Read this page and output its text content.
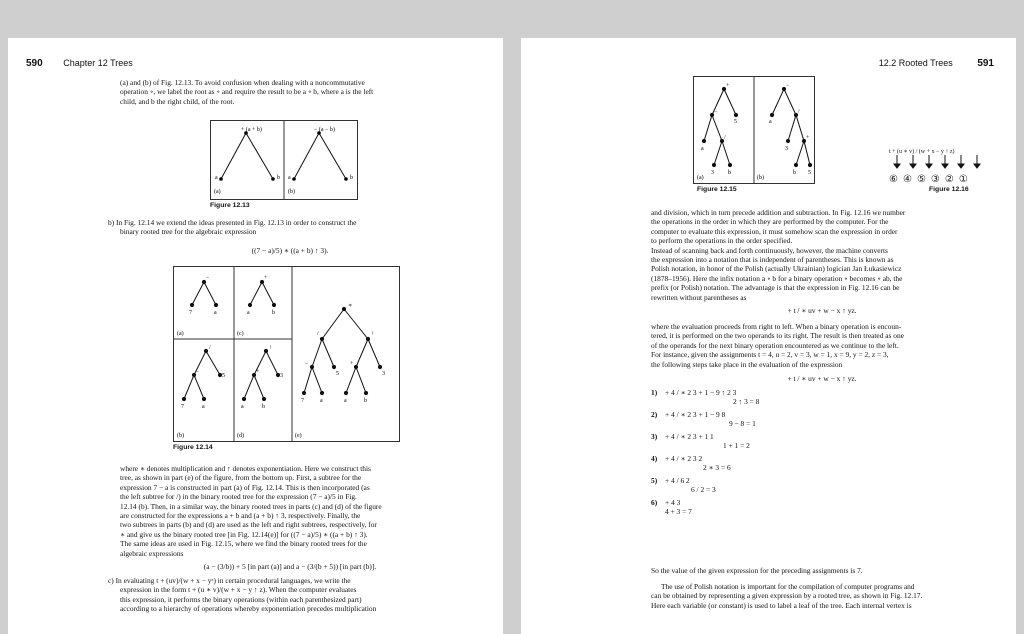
590 Chapter 12 Trees
(a) and (b) of Fig. 12.13. To avoid confusion when dealing with a noncommutative
operation ∘, we label the root as ∘ and require the result to be a ∘ b, where a is the left
child, and b the right child, of the root.
+ (a + b)
a	b
(a)
− (a − b)
a	b
(b)
Figure 12.13
b) In Fig. 12.14 we extend the ideas presented in Fig. 12.13 in order to construct the
binary rooted tree for the algebraic expression
((7 − a)/5) ∗ ((a + b) ↑ 3).
−
7	a
+
a	b
/
5
−
7	a
↑
3
+
a	b
∗
/	↑
−
5
+
3
7	a	a	b
(a)
(b)
(c)
(d)	(e)
Figure 12.14
where ∗ denotes multiplication and ↑ denotes exponentiation. Here we construct this
tree, as shown in part (e) of the figure, from the bottom up. First, a subtree for the
expression 7 − a is constructed in part (a) of Fig. 12.14. This is then incorporated (as
the left subtree for /) in the binary rooted tree for the expression (7 − a)/5 in Fig.
12.14 (b). Then, in a similar way, the binary rooted trees in parts (c) and (d) of the figure
are constructed for the expressions a + b and (a + b) ↑ 3, respectively. Finally, the
two subtrees in parts (b) and (d) are used as the left and right subtrees, respectively, for
∗ and give us the binary rooted tree [in Fig. 12.14(e)] for ((7 − a)/5) ∗ ((a + b) ↑ 3).
The same ideas are used in Fig. 12.15, where we find the binary rooted trees for the
algebraic expressions
(a − (3/b)) + 5 [in part (a)] and a − (3/(b + 5)) [in part (b)].
c) In evaluating t + (uv)/(w + x − yᶻ) in certain procedural languages, we write the
expression in the form t + (u ∗ v)/(w + x − y ↑ z). When the computer evaluates
this expression, it performs the binary operations (within each parenthesized part)
according to a hierarchy of operations whereby exponentiation precedes multiplication
12.2 Rooted Trees 591
+
−
5
a
/
3 b
−
a
/
3
+
b 5
(a)	(b)
Figure 12.15
t + (u ∗ v) / (w + x − y ↑ z)
⑥④⑤③②①
Figure 12.16
and division, which in turn precede addition and subtraction. In Fig. 12.16 we number
the operations in the order in which they are performed by the computer. For the
computer to evaluate this expression, it must somehow scan the expression in order
to perform the operations in the order specified.
Instead of scanning back and forth continuously, however, the machine converts
the expression into a notation that is independent of parentheses. This is known as
Polish notation, in honor of the Polish (actually Ukrainian) logician Jan Łukasiewicz
(1878–1956). Here the infix notation a ∘ b for a binary operation ∘ becomes ∘ ab, the
prefix (or Polish) notation. The advantage is that the expression in Fig. 12.16 can be
rewritten without parentheses as
+ t / ∗ uv + w − x ↑ yz.
where the evaluation proceeds from right to left. When a binary operation is encoun-
tered, it is performed on the two operands to its right. The result is then treated as one
of the operands for the next binary operation encountered as we continue to the left.
For instance, given the assignments t = 4, u = 2, v = 3, w = 1, x = 9, y = 2, z = 3,
the following steps take place in the evaluation of the expression
+ t / ∗ uv + w − x ↑ yz.
1) + 4 / ∗ 2 3 + 1 − 9 ↑ 2 3
2 ↑ 3 = 8
2) + 4 / ∗ 2 3 + 1 − 9 8
9 − 8 = 1
3) + 4 / ∗ 2 3 + 1 1
1 + 1 = 2
4) + 4 / ∗ 2 3 2
2 ∗ 3 = 6
5) + 4 / 6 2
6 / 2 = 3
6) + 4 3
4 + 3 = 7
So the value of the given expression for the preceding assignments is 7.
The use of Polish notation is important for the compilation of computer programs and
can be obtained by representing a given expression by a rooted tree, as shown in Fig. 12.17.
Here each variable (or constant) is used to label a leaf of the tree. Each internal vertex is
